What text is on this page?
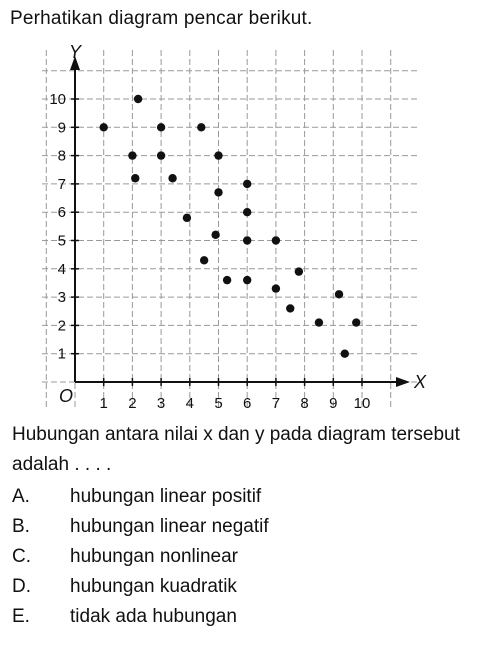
Perhatikan diagram pencar berikut.
X
Y
O 1 2 3 4 5 6 7 8 9 10
1
2
3
4
5
6
7
8
9
10
Hubungan antara nilai x dan y pada diagram tersebut adalah . . . .
A. hubungan linear positif
B. hubungan linear negatif
C. hubungan nonlinear
D. hubungan kuadratik
E. tidak ada hubungan
